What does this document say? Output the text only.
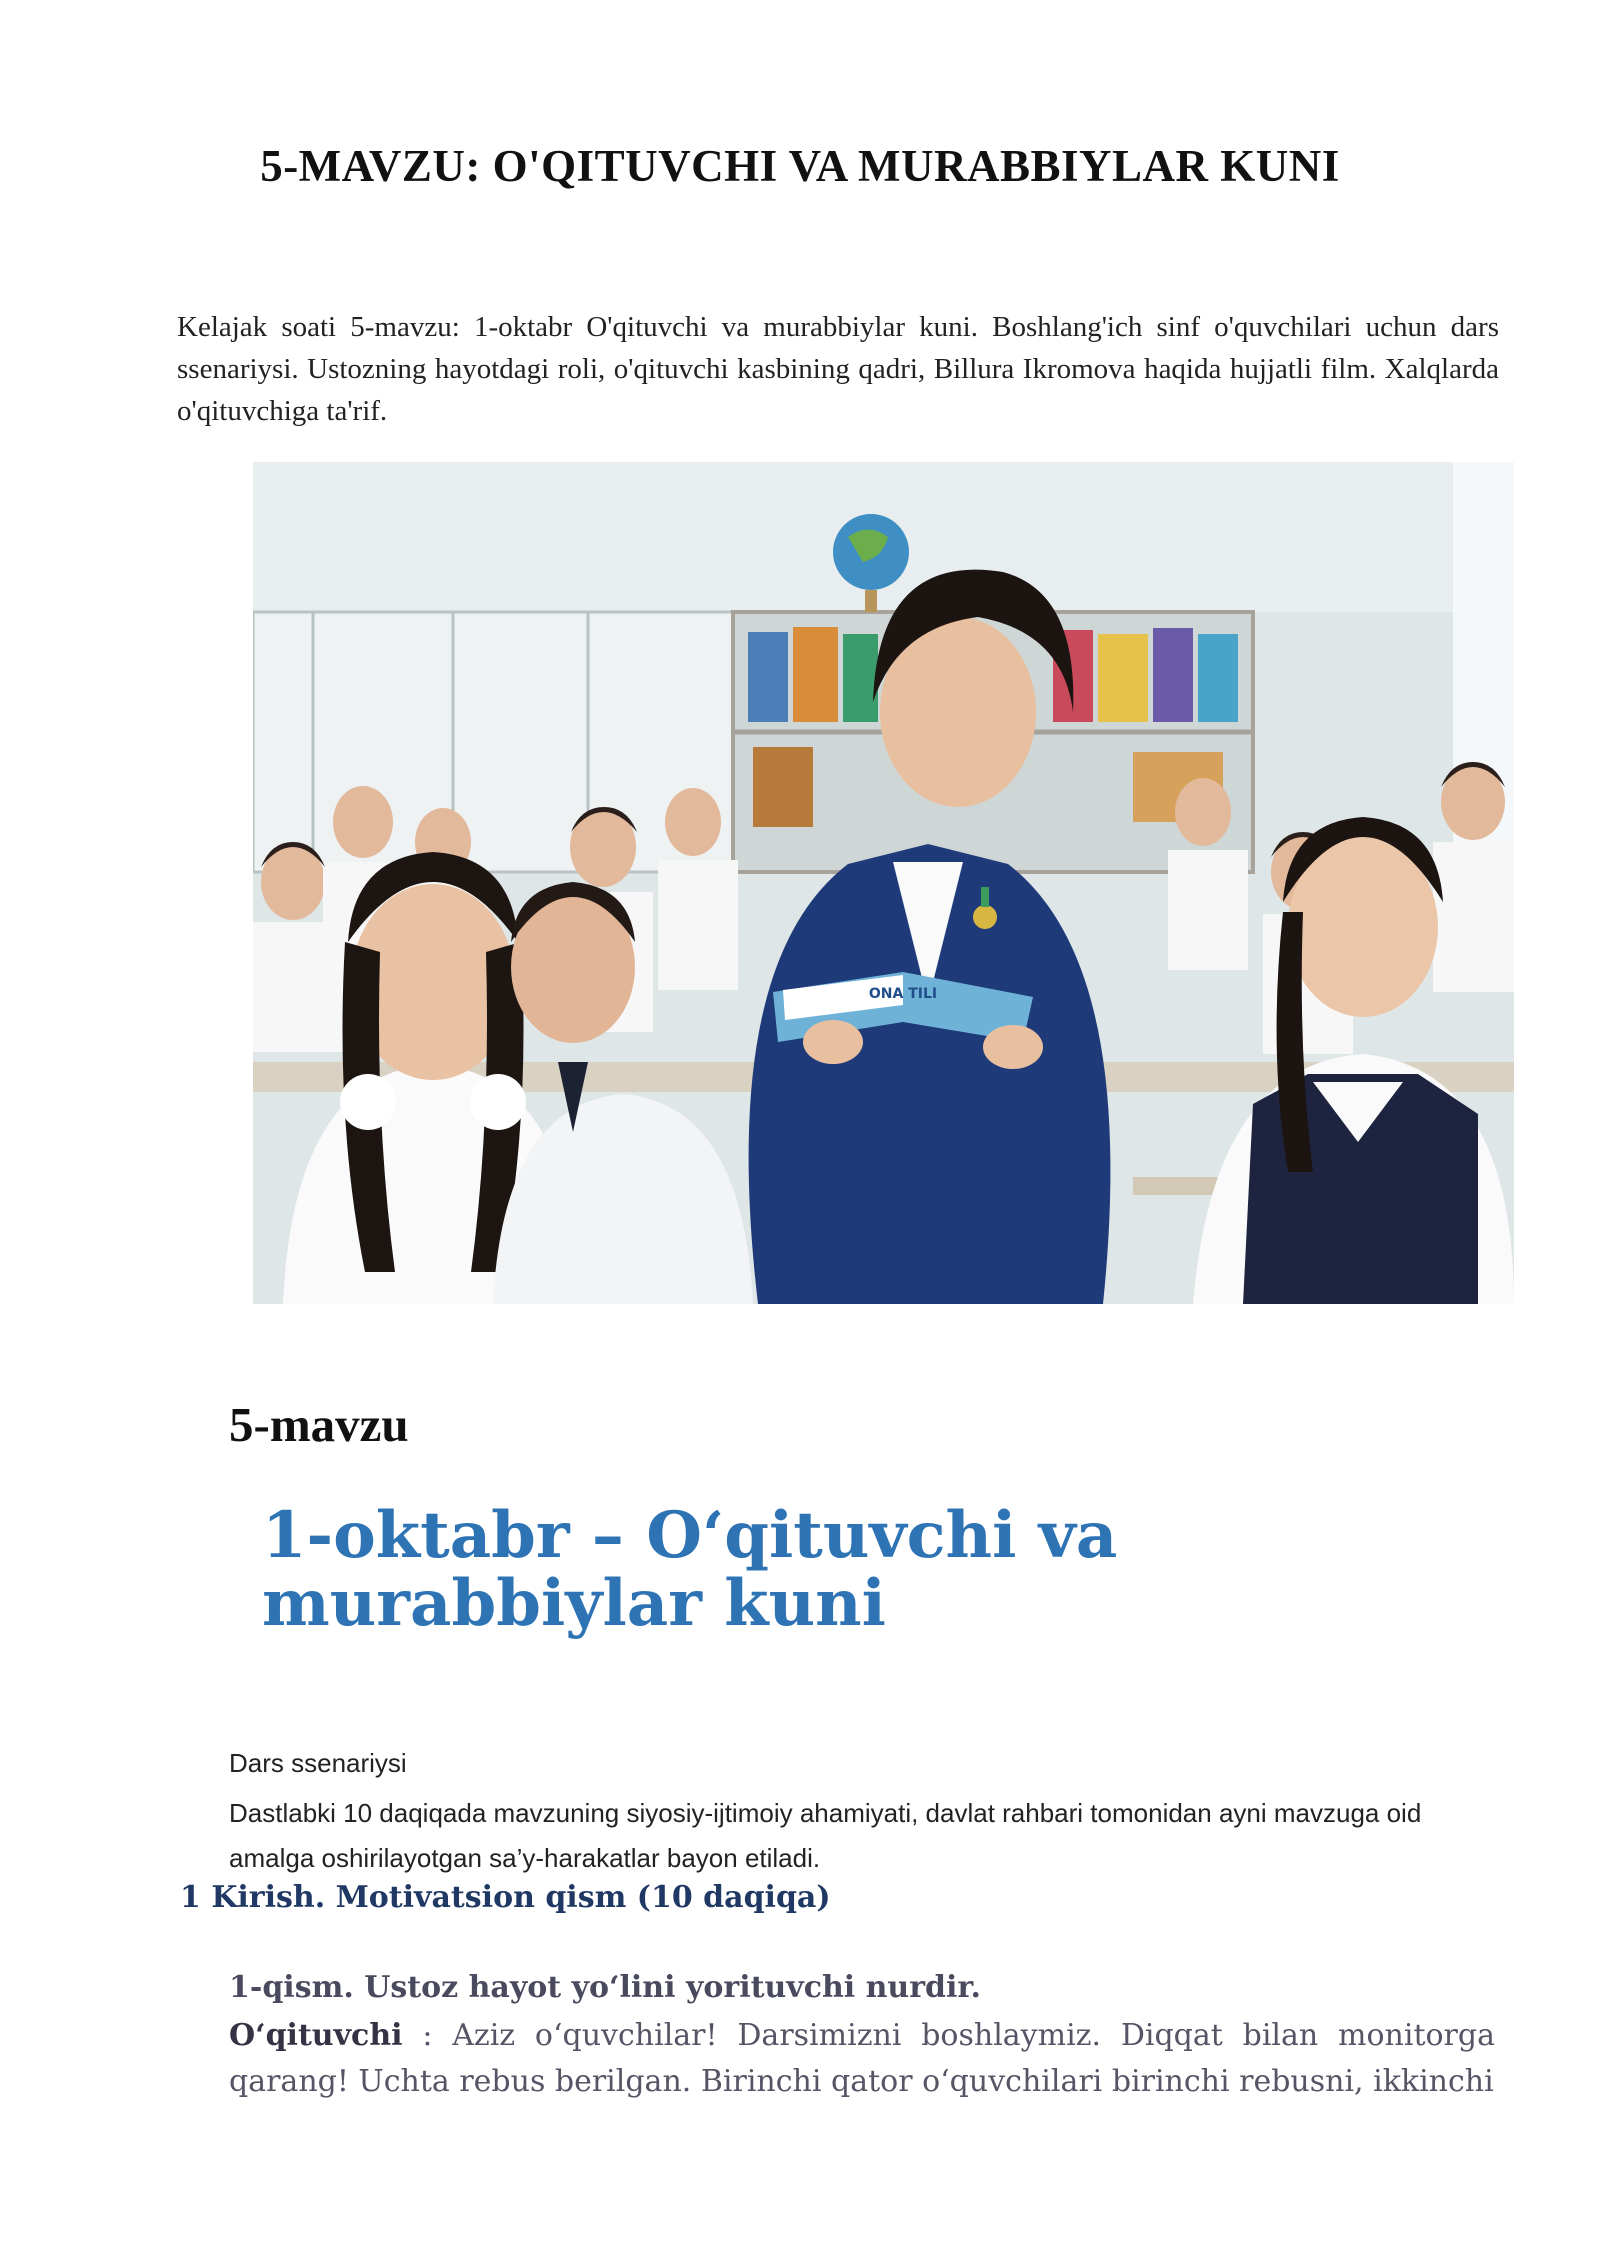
5-MAVZU: O'QITUVCHI VA MURABBIYLAR KUNI
Kelajak soati 5-mavzu: 1-oktabr O'qituvchi va murabbiylar kuni. Boshlang'ich sinf o'quvchilari uchun dars ssenariysi. Ustozning hayotdagi roli, o'qituvchi kasbining qadri, Billura Ikromova haqida hujjatli film. Xalqlarda o'qituvchiga ta'rif.
ONA TILI
5-mavzu
1-oktabr – O‘qituvchi va murabbiylar kuni
Dars ssenariysi
Dastlabki 10 daqiqada mavzuning siyosiy-ijtimoiy ahamiyati, davlat rahbari tomonidan ayni mavzuga oid amalga oshirilayotgan sa’y-harakatlar bayon etiladi.
1 Kirish. Motivatsion qism (10 daqiqa)
1-qism. Ustoz hayot yo‘lini yorituvchi nurdir.
O‘qituvchi : Aziz o‘quvchilar! Darsimizni boshlaymiz. Diqqat bilan monitorga qarang! Uchta rebus berilgan. Birinchi qator o‘quvchilari birinchi rebusni, ikkinchi
